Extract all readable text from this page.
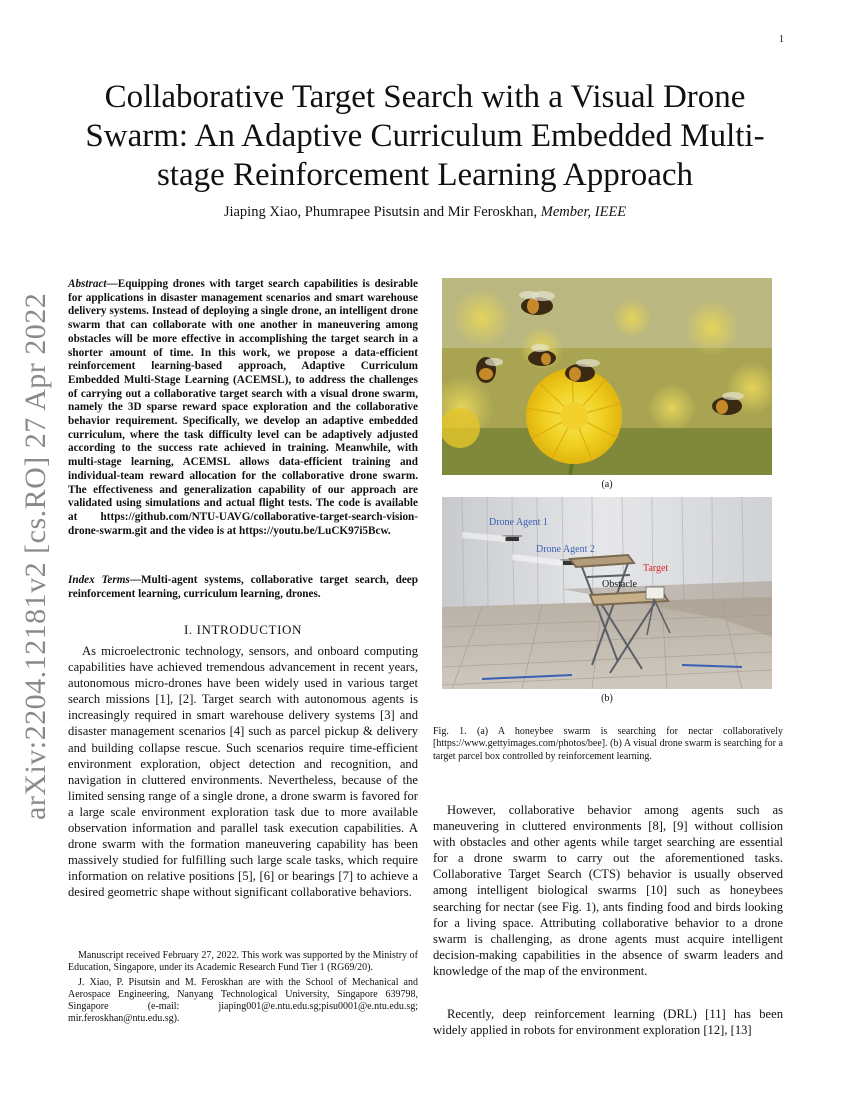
1
arXiv:2204.12181v2 [cs.RO] 27 Apr 2022
Collaborative Target Search with a Visual Drone Swarm: An Adaptive Curriculum Embedded Multi-stage Reinforcement Learning Approach
Jiaping Xiao, Phumrapee Pisutsin and Mir Feroskhan, Member, IEEE
Abstract—Equipping drones with target search capabilities is desirable for applications in disaster management scenarios and smart warehouse delivery systems. Instead of deploying a single drone, an intelligent drone swarm that can collaborate with one another in maneuvering among obstacles will be more effective in accomplishing the target search in a shorter amount of time. In this work, we propose a data-efficient reinforcement learning-based approach, Adaptive Curriculum Embedded Multi-Stage Learning (ACEMSL), to address the challenges of carrying out a collaborative target search with a visual drone swarm, namely the 3D sparse reward space exploration and the collaborative behavior requirement. Specifically, we develop an adaptive embedded curriculum, where the task difficulty level can be adaptively adjusted according to the success rate achieved in training. Meanwhile, with multi-stage learning, ACEMSL allows data-efficient training and individual-team reward allocation for the collaborative drone swarm. The effectiveness and generalization capability of our approach are validated using simulations and actual flight tests. The code is available at https://github.com/NTU-UAVG/collaborative-target-search-vision-drone-swarm.git and the video is at https://youtu.be/LuCK97i5Bcw.
Index Terms—Multi-agent systems, collaborative target search, deep reinforcement learning, curriculum learning, drones.
I. INTRODUCTION

As microelectronic technology, sensors, and onboard computing capabilities have achieved tremendous advancement in recent years, autonomous micro-drones have been widely used in various target search missions [1], [2]. Target search with autonomous agents is increasingly required in smart warehouse delivery systems [3] and disaster management scenarios [4] such as parcel pickup & delivery and building collapse rescue. Such scenarios require time-efficient environment exploration, object detection and recognition, and navigation in cluttered environments. Nevertheless, because of the limited sensing range of a single drone, a drone swarm is favored for a large scale environment exploration task due to more available observation information and parallel task execution capabilities. A drone swarm with the formation maneuvering capability has been massively studied for fulfilling such large scale tasks, which require information on relative positions [5], [6] or bearings [7] to achieve a desired geometric shape without significant collaborative behaviors.

Manuscript received February 27, 2022. This work was supported by the Ministry of Education, Singapore, under its Academic Research Fund Tier 1 (RG69/20).

J. Xiao, P. Pisutsin and M. Feroskhan are with the School of Mechanical and Aerospace Engineering, Nanyang Technological University, Singapore 639798, Singapore (e-mail: jiaping001@e.ntu.edu.sg;pisu0001@e.ntu.edu.sg; mir.feroskhan@ntu.edu.sg).

(a)
Drone Agent 1
Drone Agent 2
Target
Obstacle
(b)
Fig. 1. (a) A honeybee swarm is searching for nectar collaboratively [https://www.gettyimages.com/photos/bee]. (b) A visual drone swarm is searching for a target parcel box controlled by reinforcement learning.

However, collaborative behavior among agents such as maneuvering in cluttered environments [8], [9] without collision with obstacles and other agents while target searching are essential for a drone swarm to carry out the aforementioned tasks. Collaborative Target Search (CTS) behavior is usually observed among intelligent biological swarms [10] such as honeybees searching for nectar (see Fig. 1), ants finding food and birds looking for a living space. Attributing collaborative behavior to a drone swarm is challenging, as drone agents must acquire intelligent decision-making capabilities in the absence of swarm leaders and knowledge of the map of the environment.

Recently, deep reinforcement learning (DRL) [11] has been widely applied in robots for environment exploration [12], [13]
